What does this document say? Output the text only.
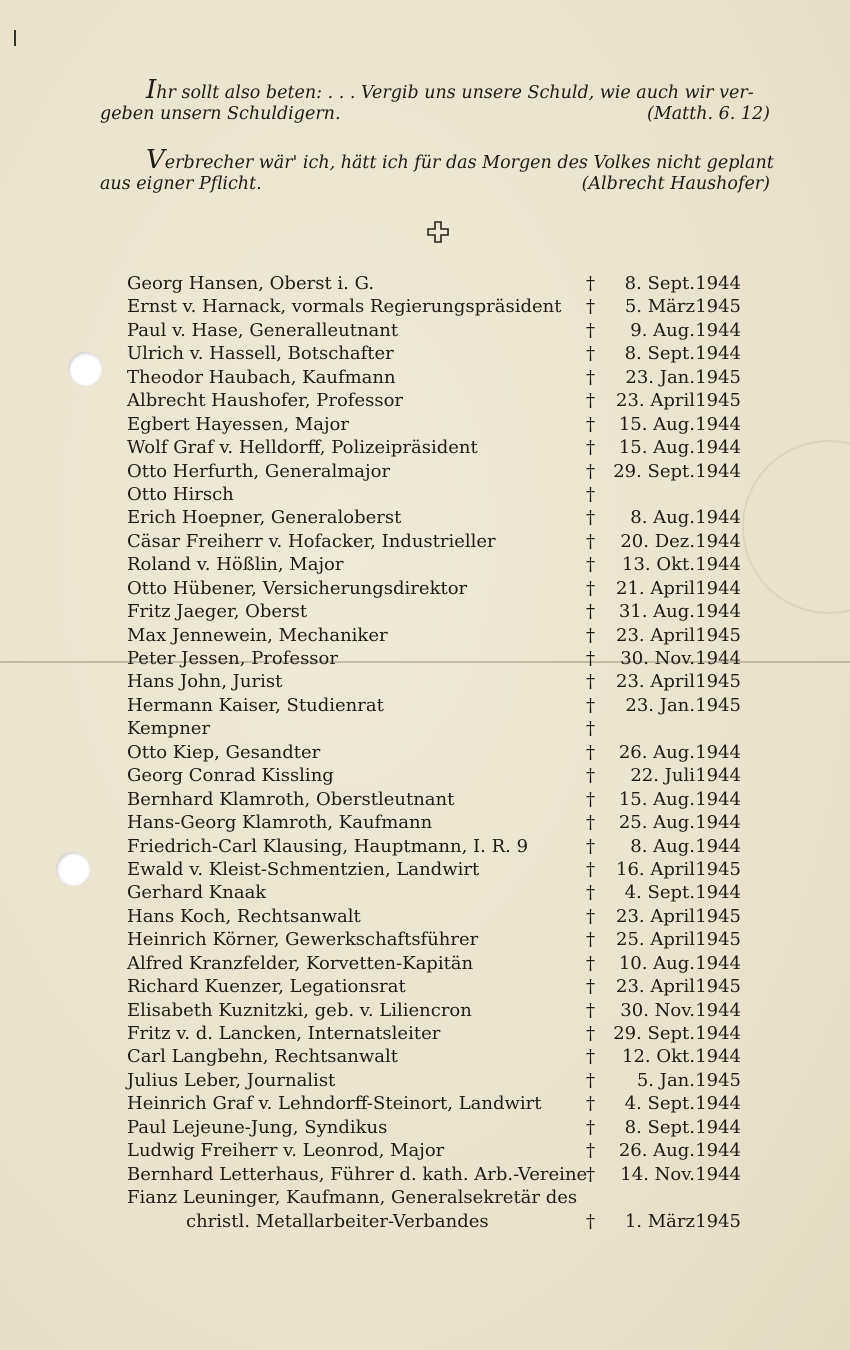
Ihr sollt also beten: . . . Vergib uns unsere Schuld, wie auch wir ver-
geben unsern Schuldigern.	(Matth. 6. 12)
Verbrecher wär' ich, hätt ich für das Morgen des Volkes nicht geplant
aus eigner Pflicht.	(Albrecht Haushofer)
Georg Hansen, Oberst i. G.	†	8. Sept. 1944
Ernst v. Harnack, vormals Regierungspräsident †	5. März 1945
Paul v. Hase, Generalleutnant	†	9. Aug. 1944
Ulrich v. Hassell, Botschafter	†	8. Sept. 1944
Theodor Haubach, Kaufmann	†	23. Jan. 1945
Albrecht Haushofer, Professor	†	23. April 1945
Egbert Hayessen, Major	†	15. Aug. 1944
Wolf Graf v. Helldorff, Polizeipräsident	†	15. Aug. 1944
Otto Herfurth, Generalmajor	†	29. Sept. 1944
Otto Hirsch	†
Erich Hoepner, Generaloberst	†	8. Aug. 1944
Cäsar Freiherr v. Hofacker, Industrieller	†	20. Dez. 1944
Roland v. Hößlin, Major	†	13. Okt. 1944
Otto Hübener, Versicherungsdirektor	†	21. April 1944
Fritz Jaeger, Oberst	†	31. Aug. 1944
Max Jennewein, Mechaniker	†	23. April 1945
Peter Jessen, Professor	†	30. Nov. 1944
Hans John, Jurist	†	23. April 1945
Hermann Kaiser, Studienrat	†	23. Jan. 1945
Kempner	†
Otto Kiep, Gesandter	†	26. Aug. 1944
Georg Conrad Kissling	†	22. Juli 1944
Bernhard Klamroth, Oberstleutnant	†	15. Aug. 1944
Hans-Georg Klamroth, Kaufmann	†	25. Aug. 1944
Friedrich-Carl Klausing, Hauptmann, I. R. 9	†	8. Aug. 1944
Ewald v. Kleist-Schmentzien, Landwirt	†	16. April 1945
Gerhard Knaak	†	4. Sept. 1944
Hans Koch, Rechtsanwalt	†	23. April 1945
Heinrich Körner, Gewerkschaftsführer	†	25. April 1945
Alfred Kranzfelder, Korvetten-Kapitän	†	10. Aug. 1944
Richard Kuenzer, Legationsrat	†	23. April 1945
Elisabeth Kuznitzki, geb. v. Liliencron	†	30. Nov. 1944
Fritz v. d. Lancken, Internatsleiter	†	29. Sept. 1944
Carl Langbehn, Rechtsanwalt	†	12. Okt. 1944
Julius Leber, Journalist	†	5. Jan. 1945
Heinrich Graf v. Lehndorff-Steinort, Landwirt †	4. Sept. 1944
Paul Lejeune-Jung, Syndikus	†	8. Sept. 1944
Ludwig Freiherr v. Leonrod, Major	†	26. Aug. 1944
Bernhard Letterhaus, Führer d. kath. Arb.-Vereine
†	14. Nov. 1944
Fianz Leuninger, Kaufmann, Generalsekretär des
christl. Metallarbeiter-Verbandes	†	1. März 1945
